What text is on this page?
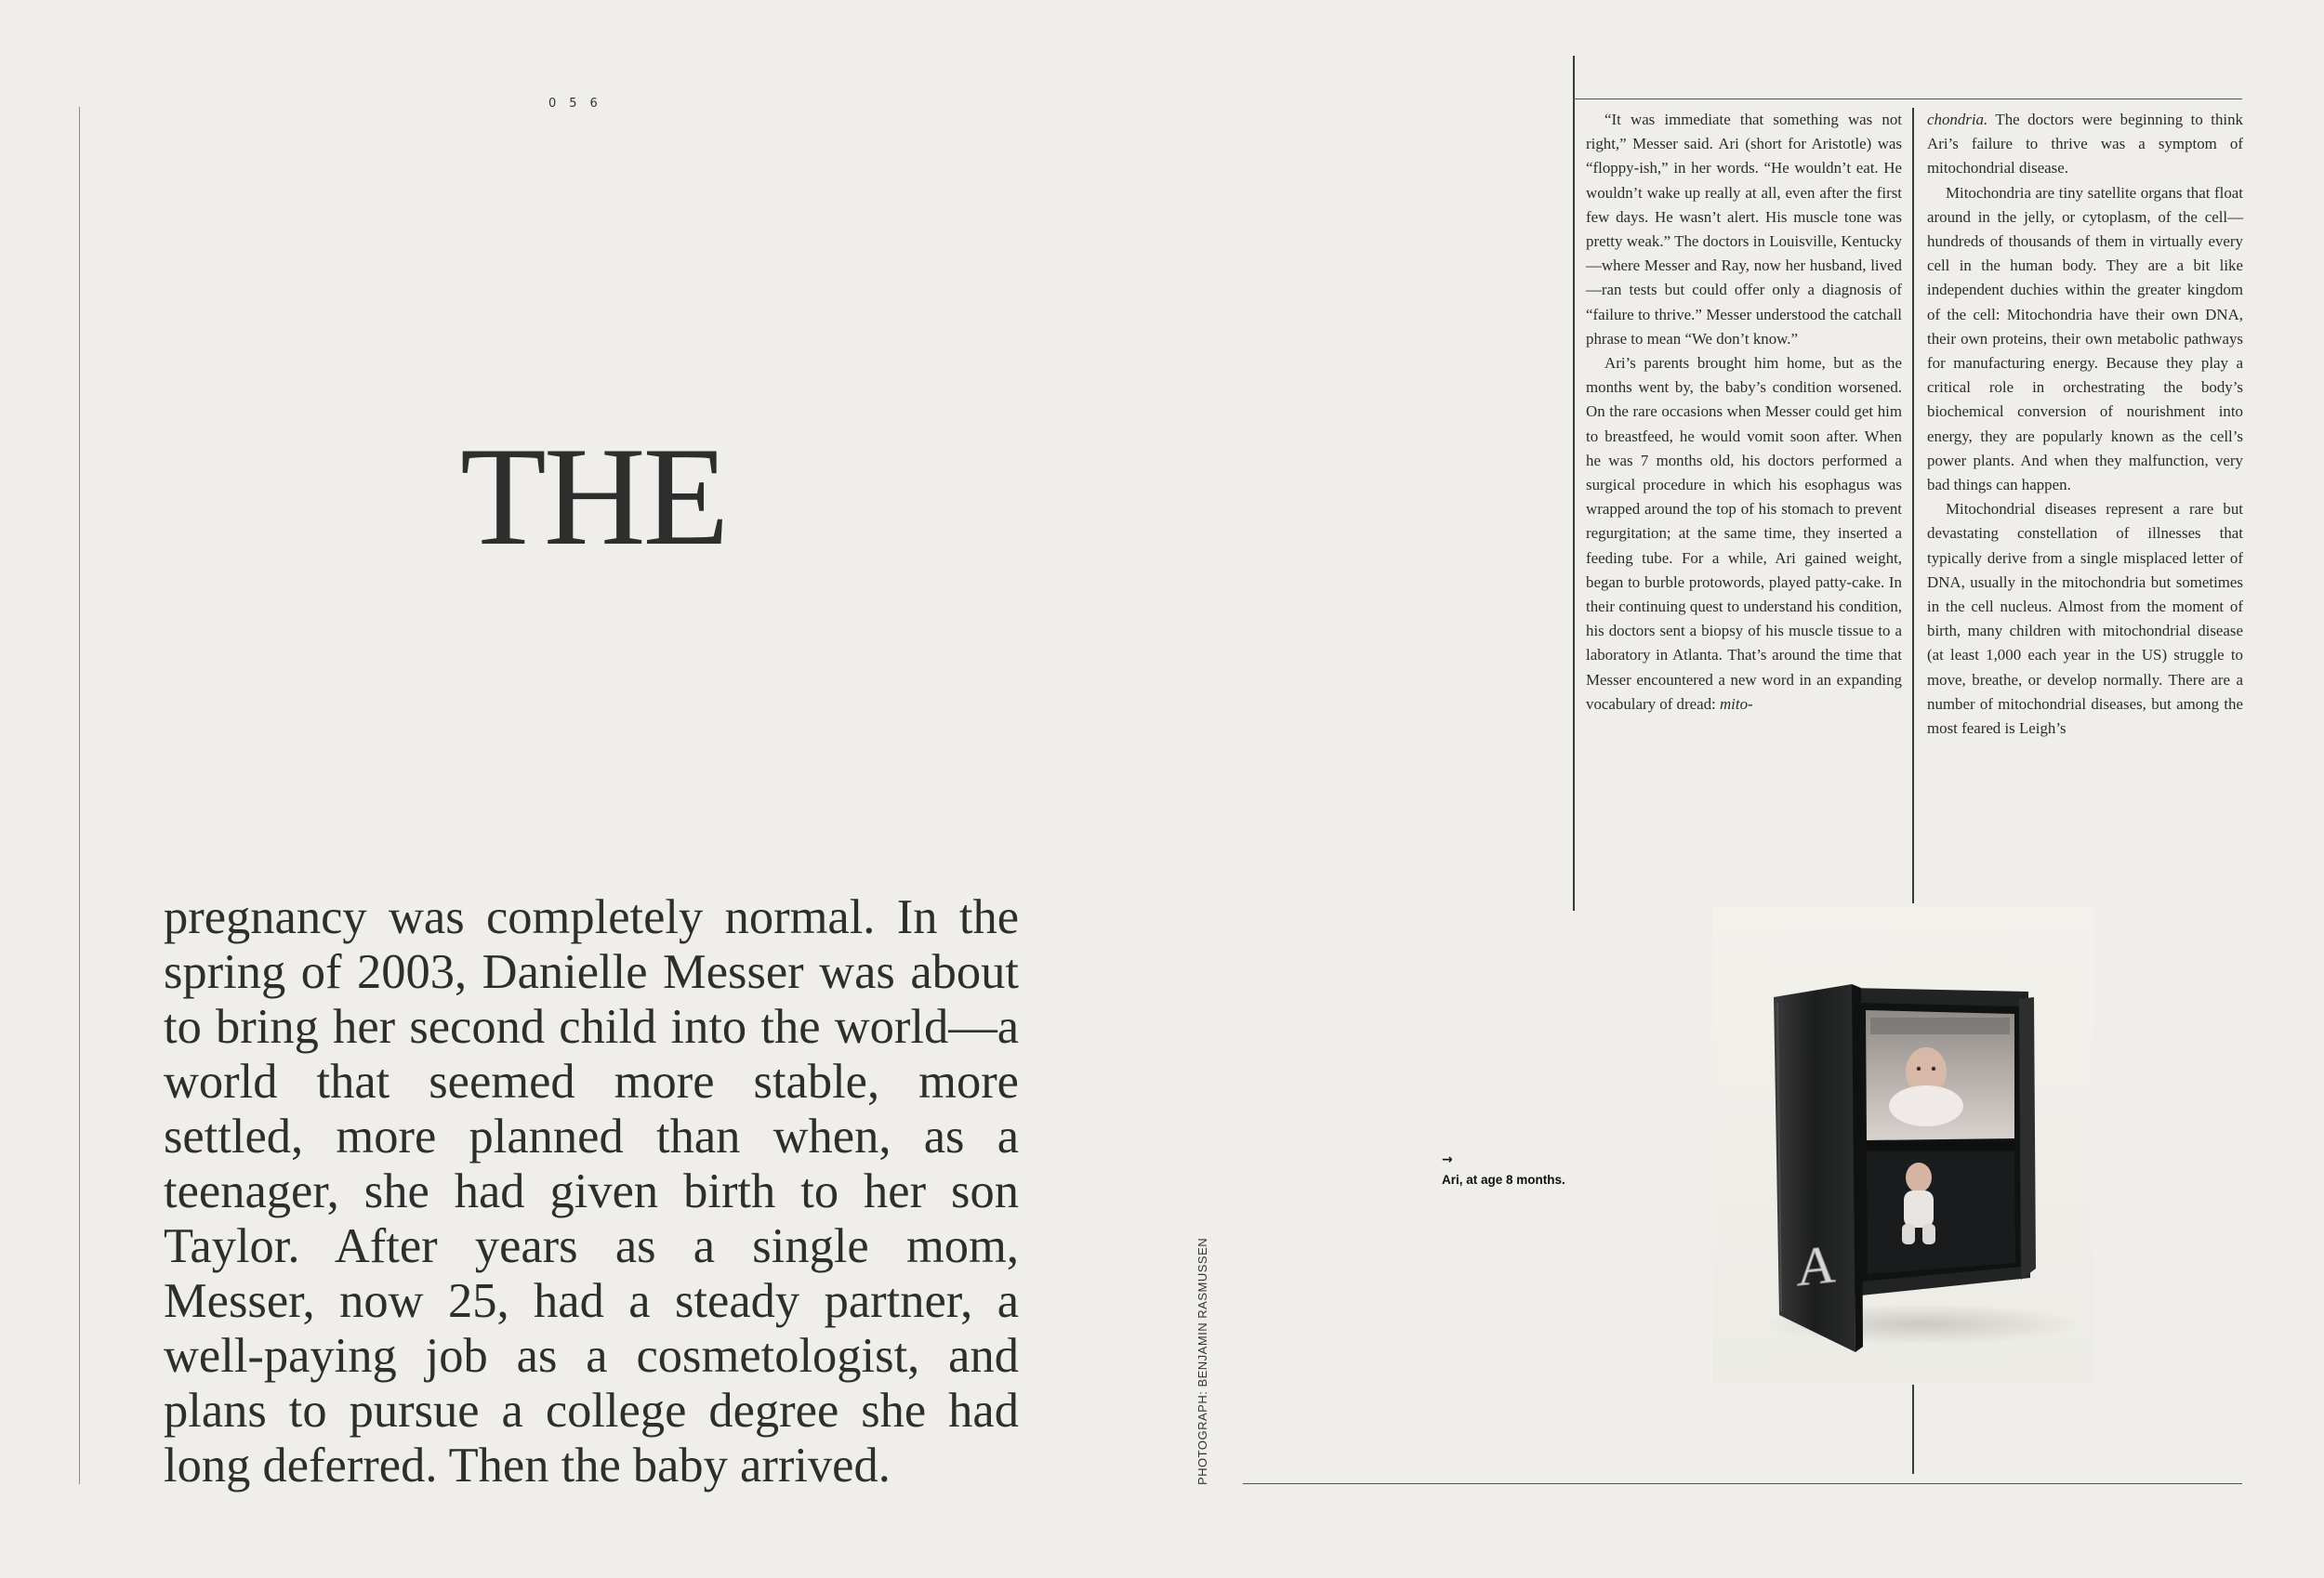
056
THE
pregnancy was completely normal. In the spring of 2003, Danielle Messer was about to bring her second child into the world—a world that seemed more stable, more settled, more planned than when, as a teenager, she had given birth to her son Taylor. After years as a single mom, Messer, now 25, had a steady partner, a well-paying job as a cosmetologist, and plans to pursue a college degree she had long deferred. Then the baby arrived.

“It was immediate that something was not right,” Messer said. Ari (short for Aristotle) was “floppy-ish,” in her words. “He wouldn’t eat. He wouldn’t wake up really at all, even after the first few days. He wasn’t alert. His muscle tone was pretty weak.” The doctors in Louisville, Kentucky—where Messer and Ray, now her husband, lived—ran tests but could offer only a diagnosis of “failure to thrive.” Messer understood the catchall phrase to mean “We don’t know.”

Ari’s parents brought him home, but as the months went by, the baby’s condition worsened. On the rare occasions when Messer could get him to breastfeed, he would vomit soon after. When he was 7 months old, his doctors performed a surgical procedure in which his esophagus was wrapped around the top of his stomach to prevent regurgitation; at the same time, they inserted a feeding tube. For a while, Ari gained weight, began to burble protowords, played patty-cake. In their continuing quest to understand his condition, his doctors sent a biopsy of his muscle tissue to a laboratory in Atlanta. That’s around the time that Messer encountered a new word in an expanding vocabulary of dread: mito-

chondria. The doctors were beginning to think Ari’s failure to thrive was a symptom of mitochondrial disease.

Mitochondria are tiny satellite organs that float around in the jelly, or cytoplasm, of the cell—hundreds of thousands of them in virtually every cell in the human body. They are a bit like independent duchies within the greater kingdom of the cell: Mitochondria have their own DNA, their own proteins, their own metabolic pathways for manufacturing energy. Because they play a critical role in orchestrating the body’s biochemical conversion of nourishment into energy, they are popularly known as the cell’s power plants. And when they malfunction, very bad things can happen.

Mitochondrial diseases represent a rare but devastating constellation of illnesses that typically derive from a single misplaced letter of DNA, usually in the mitochondria but sometimes in the cell nucleus. Almost from the moment of birth, many children with mitochondrial disease (at least 1,000 each year in the US) struggle to move, breathe, or develop normally. There are a number of mitochondrial diseases, but among the most feared is Leigh’s

PHOTOGRAPH: BENJAMIN RASMUSSEN
→
Ari, at age 8 months.
A
